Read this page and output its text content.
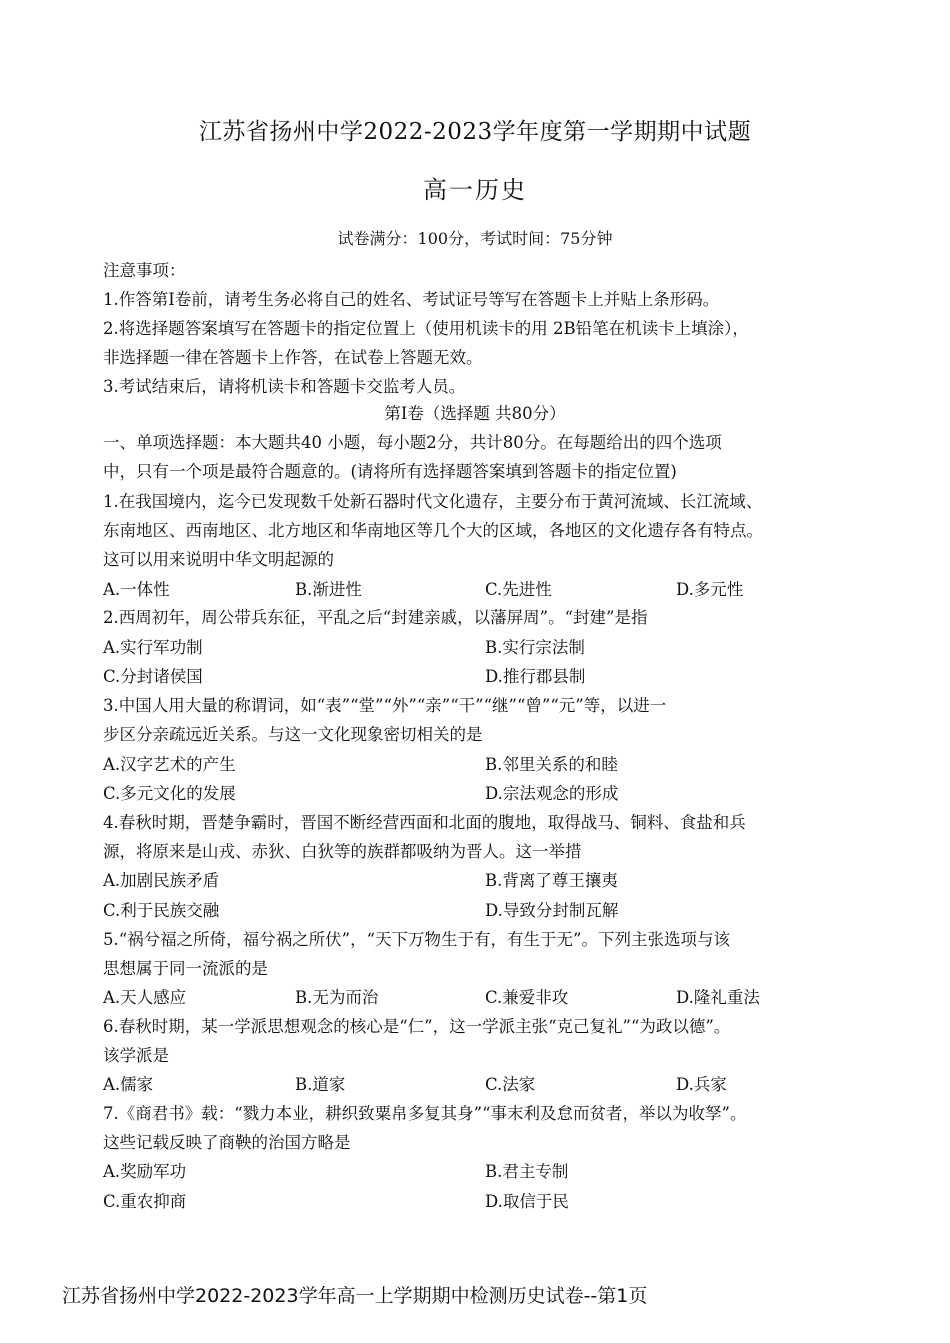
江苏省扬州中学2022-2023学年度第一学期期中试题
高一历史
试卷满分：100分，考试时间：75分钟
注意事项：
1.作答第Ⅰ卷前，请考生务必将自己的姓名、考试证号等写在答题卡上并贴上条形码。
2.将选择题答案填写在答题卡的指定位置上（使用机读卡的用 2B铅笔在机读卡上填涂），
非选择题一律在答题卡上作答，在试卷上答题无效。
3.考试结束后，请将机读卡和答题卡交监考人员。
第Ⅰ卷（选择题 共80分）
一、单项选择题：本大题共40 小题，每小题2分，共计80分。在每题给出的四个选项
中，只有一个项是最符合题意的。(请将所有选择题答案填到答题卡的指定位置)
1.在我国境内，迄今已发现数千处新石器时代文化遗存，主要分布于黄河流域、长江流域、
东南地区、西南地区、北方地区和华南地区等几个大的区域，各地区的文化遗存各有特点。
这可以用来说明中华文明起源的
A.一体性	B.渐进性	C.先进性	D.多元性
2.西周初年，周公带兵东征，平乱之后“封建亲戚，以藩屏周”。“封建”是指
A.实行军功制	B.实行宗法制
C.分封诸侯国	D.推行郡县制
3.中国人用大量的称谓词，如“表”“堂”“外”“亲”“干”“继”“曾”“元”等，以进一
步区分亲疏远近关系。与这一文化现象密切相关的是
A.汉字艺术的产生	B.邻里关系的和睦
C.多元文化的发展	D.宗法观念的形成
4.春秋时期，晋楚争霸时，晋国不断经营西面和北面的腹地，取得战马、铜料、食盐和兵
源，将原来是山戎、赤狄、白狄等的族群都吸纳为晋人。这一举措
A.加剧民族矛盾	B.背离了尊王攘夷
C.利于民族交融	D.导致分封制瓦解
5.“祸兮福之所倚，福兮祸之所伏”，“天下万物生于有，有生于无”。下列主张选项与该
思想属于同一流派的是
A.天人感应	B.无为而治	C.兼爱非攻	D.隆礼重法
6.春秋时期，某一学派思想观念的核心是“仁”，这一学派主张“克己复礼”“为政以德”。
该学派是
A.儒家	B.道家	C.法家	D.兵家
7.《商君书》载：“戮力本业，耕织致粟帛多复其身”“事末利及怠而贫者，举以为收孥”。
这些记载反映了商鞅的治国方略是
A.奖励军功	B.君主专制
C.重农抑商	D.取信于民
江苏省扬州中学2022-2023学年高一上学期期中检测历史试卷--第1页
